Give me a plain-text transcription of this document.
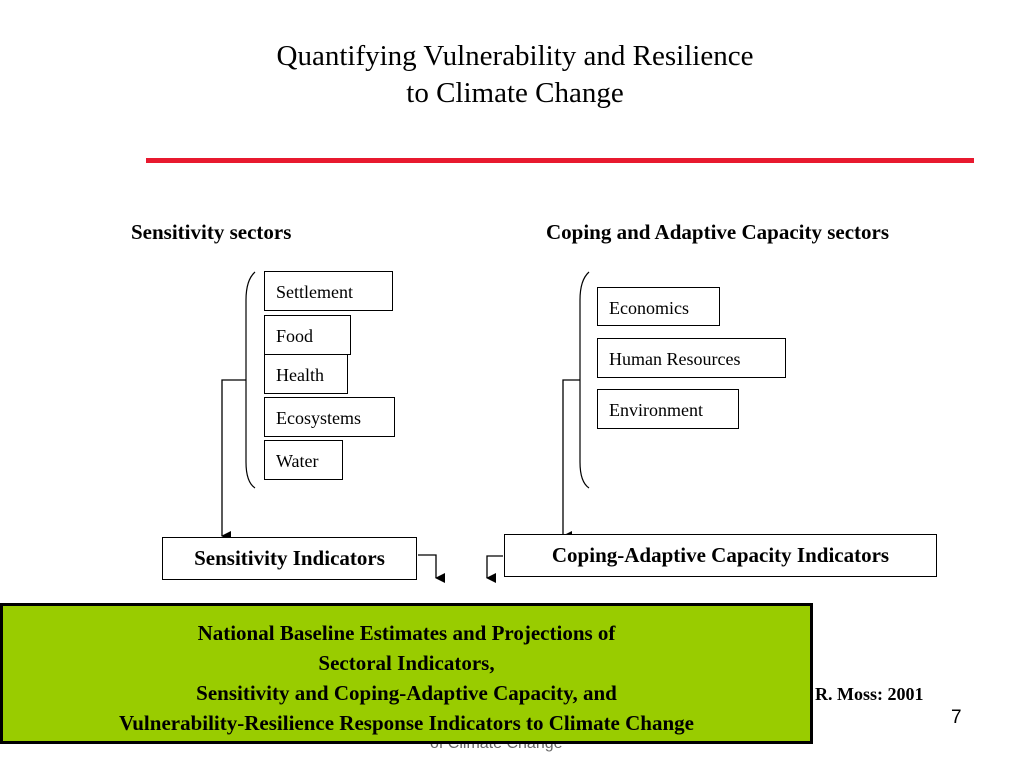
Quantifying Vulnerability and Resilience
to Climate Change
Sensitivity sectors	Coping and Adaptive Capacity sectors
Settlement
Food
Health
Ecosystems
Water
Economics
Human Resources
Environment
Sensitivity Indicators	Coping-Adaptive Capacity Indicators
National Baseline Estimates and Projections of
Sectoral Indicators,
Sensitivity and Coping-Adaptive Capacity, and
Vulnerability-Resilience Response Indicators to Climate Change
R. Moss: 2001
7
